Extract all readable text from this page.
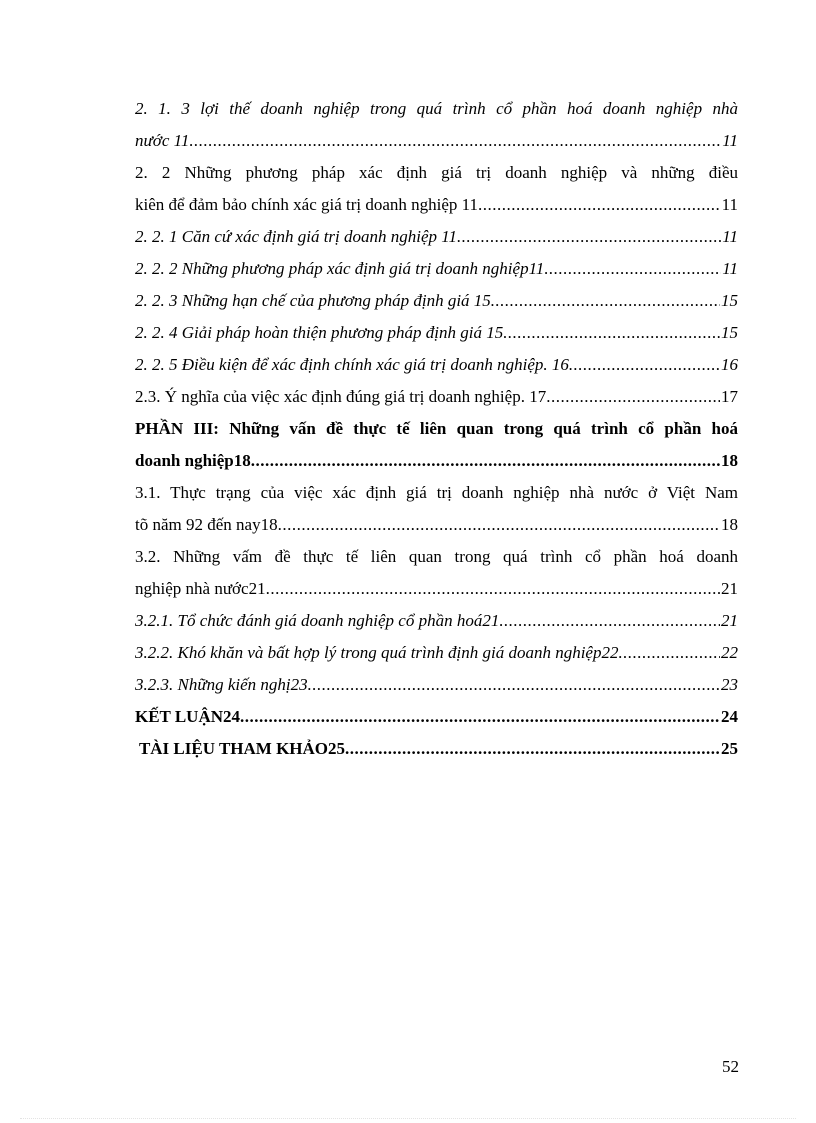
2. 1. 3 lợi thế doanh nghiệp trong quá trình cổ phần hoá doanh nghiệp nhà
nước 11 .....	11
2. 2 Những phương pháp xác định giá trị doanh nghiệp và những điều
kiên để đảm bảo chính xác giá trị doanh nghiệp 11 .....	11
2. 2. 1 Căn cứ xác định giá trị doanh nghiệp 11 .....	11
2. 2. 2 Những phương pháp xác định giá trị doanh nghiệp11 .....	11
2. 2. 3 Những hạn chế của phương pháp định giá 15 .....	15
2. 2. 4 Giải pháp hoàn thiện phương pháp định giá 15 .....	15
2. 2. 5 Điều kiện để xác định chính xác giá trị doanh nghiệp. 16 .....	16
2.3. Ý nghĩa của việc xác định đúng giá trị doanh nghiệp. 17 .....	17
PHẦN III: Những vấn đề thực tế liên quan trong quá trình cổ phần hoá
doanh nghiệp18 .....	18
3.1. Thực trạng của việc xác định giá trị doanh nghiệp nhà nước ở Việt Nam
tõ năm 92 đến nay18 .....	18
3.2. Những vấm đề thực tế liên quan trong quá trình cổ phần hoá doanh
nghiệp nhà nước21 .....	21
3.2.1. Tổ chức đánh giá doanh nghiệp cổ phần hoá21 .....	21
3.2.2. Khó khăn và bất hợp lý trong quá trình định giá doanh nghiệp22 .....	22
3.2.3. Những kiến nghị23 .....	23
KẾT LUẬN24 .....	24
TÀI LIỆU THAM KHẢO25 .....	25
52
